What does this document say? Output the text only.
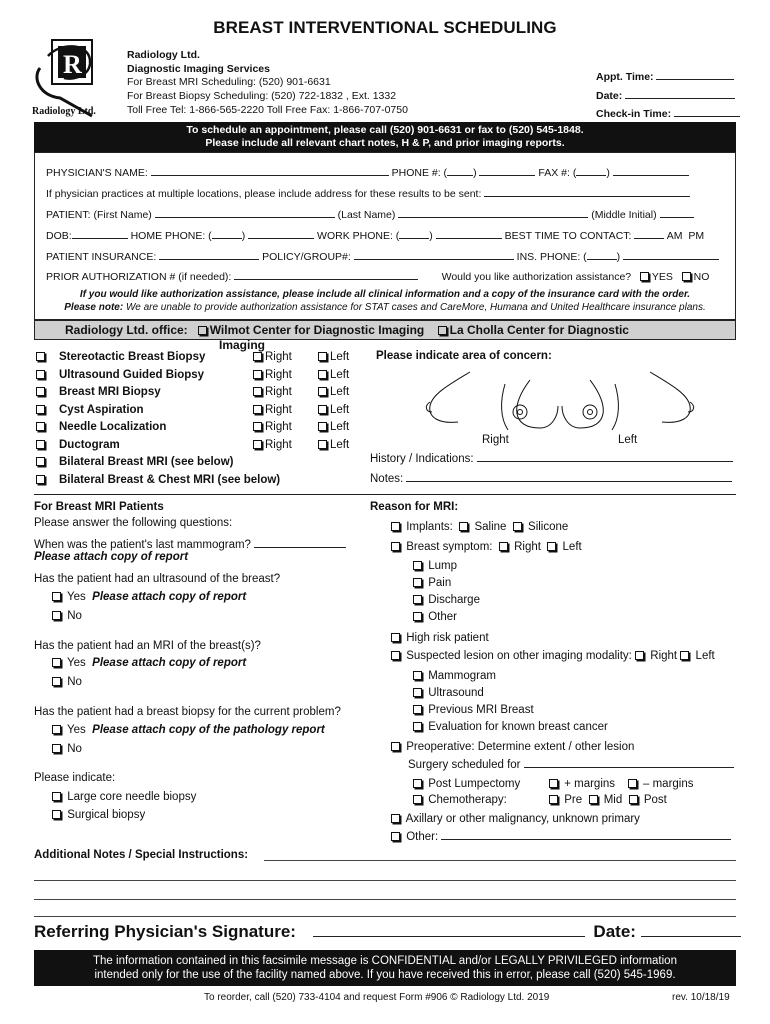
BREAST INTERVENTIONAL SCHEDULING
R
Radiology Ltd.
Radiology Ltd.
Diagnostic Imaging Services
For Breast MRI Scheduling: (520) 901-6631
For Breast Biopsy Scheduling: (520) 722-1832 , Ext. 1332
Toll Free Tel: 1-866-565-2220 Toll Free Fax: 1-866-707-0750
Appt. Time:
Date:
Check-in Time:
To schedule an appointment, please call (520) 901-6631 or fax to (520) 545-1848.
Please include all relevant chart notes, H & P, and prior imaging reports.
PHYSICIAN'S NAME:	PHONE #: ( )	FAX #: (	)
If physician practices at multiple locations, please include address for these results to be sent:
PATIENT: (First Name)	(Last Name)	(Middle Initial)
DOB:	HOME PHONE: (	)	WORK PHONE: (	)	BEST TIME TO CONTACT:	AM PM
PATIENT INSURANCE:	POLICY/GROUP#:	INS. PHONE: (	)
PRIOR AUTHORIZATION # (if needed):	Would you like authorization assistance? YES NO
If you would like authorization assistance, please include all clinical information and a copy of the insurance card with the order.
Please note: We are unable to provide authorization assistance for STAT cases and CareMore, Humana and United Healthcare insurance plans.
Radiology Ltd. office: Wilmot Center for Diagnostic Imaging La Cholla Center for Diagnostic
Imaging
Stereotactic Breast Biopsy	Right	Left
Ultrasound Guided Biopsy	Right	Left
Breast MRI Biopsy	Right	Left
Cyst Aspiration	Right	Left
Needle Localization	Right	Left
Ductogram	Right	Left
Bilateral Breast MRI (see below)
Bilateral Breast & Chest MRI (see below)
Please indicate area of concern:
Right	Left
History / Indications:
Notes:
For Breast MRI Patients
Please answer the following questions:
When was the patient's last mammogram?
Please attach copy of report
Has the patient had an ultrasound of the breast?
Yes Please attach copy of report
No
Has the patient had an MRI of the breast(s)?
Yes Please attach copy of report
No
Has the patient had a breast biopsy for the current problem?
Yes Please attach copy of the pathology report
No
Please indicate:
Large core needle biopsy
Surgical biopsy
Reason for MRI:
Implants: Saline Silicone
Breast symptom: Right Left
Lump
Pain
Discharge
Other
High risk patient
Suspected lesion on other imaging modality: Right Left
Mammogram
Ultrasound
Previous MRI Breast
Evaluation for known breast cancer
Preoperative: Determine extent / other lesion
Surgery scheduled for
Post Lumpectomy	+ margins – margins
Chemotherapy:	Pre Mid Post
Axillary or other malignancy, unknown primary
Other:
Additional Notes / Special Instructions:
Referring Physician's Signature:	Date:
The information contained in this facsimile message is CONFIDENTIAL and/or LEGALLY PRIVILEGED information
intended only for the use of the facility named above. If you have received this in error, please call (520) 545-1969.
To reorder, call (520) 733-4104 and request Form #906 © Radiology Ltd. 2019	rev. 10/18/19
